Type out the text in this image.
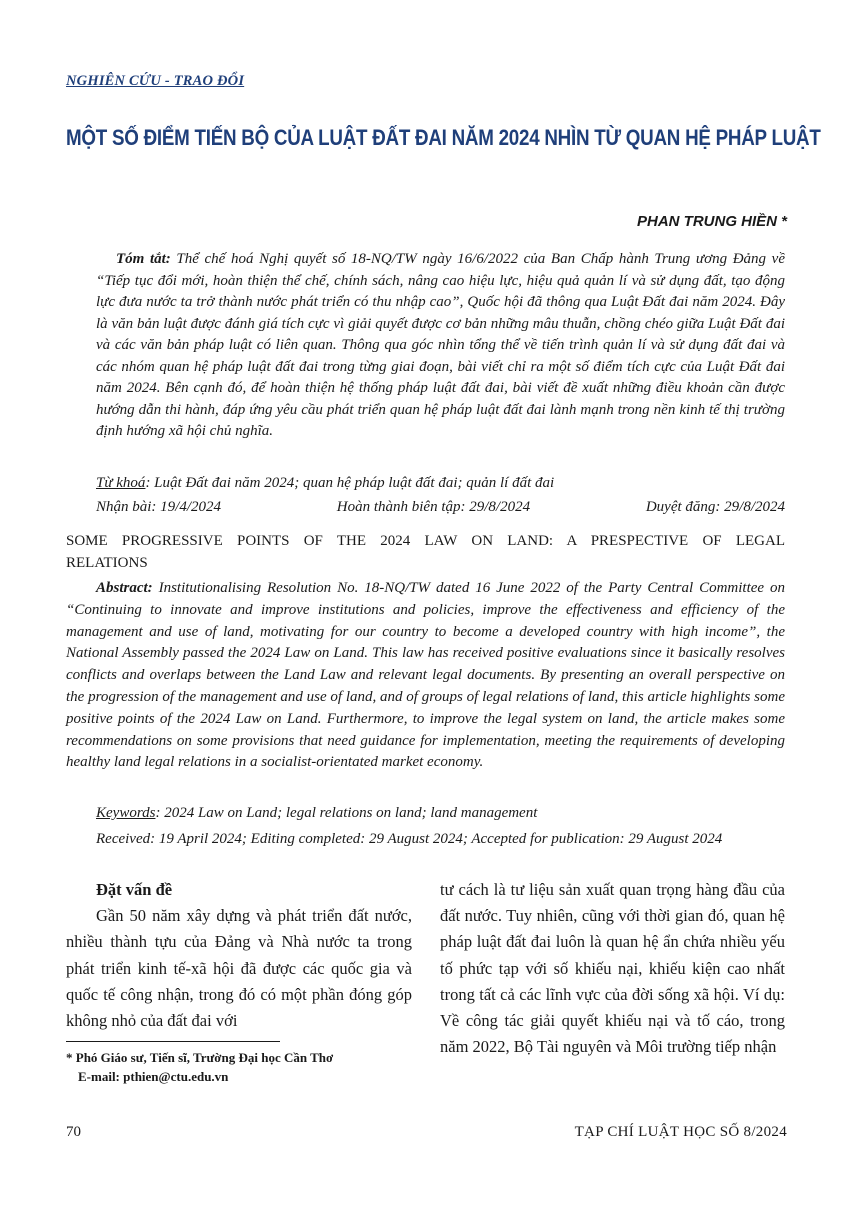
NGHIÊN CỨU - TRAO ĐỔI
MỘT SỐ ĐIỂM TIẾN BỘ CỦA LUẬT ĐẤT ĐAI NĂM 2024 NHÌN TỪ QUAN HỆ PHÁP LUẬT
PHAN TRUNG HIỀN *

Tóm tắt: Thể chế hoá Nghị quyết số 18-NQ/TW ngày 16/6/2022 của Ban Chấp hành Trung ương Đảng về “Tiếp tục đổi mới, hoàn thiện thể chế, chính sách, nâng cao hiệu lực, hiệu quả quản lí và sử dụng đất, tạo động lực đưa nước ta trở thành nước phát triển có thu nhập cao”, Quốc hội đã thông qua Luật Đất đai năm 2024. Đây là văn bản luật được đánh giá tích cực vì giải quyết được cơ bản những mâu thuẫn, chồng chéo giữa Luật Đất đai và các văn bản pháp luật có liên quan. Thông qua góc nhìn tổng thể về tiến trình quản lí và sử dụng đất đai và các nhóm quan hệ pháp luật đất đai trong từng giai đoạn, bài viết chỉ ra một số điểm tích cực của Luật Đất đai năm 2024. Bên cạnh đó, để hoàn thiện hệ thống pháp luật đất đai, bài viết đề xuất những điều khoản cần được hướng dẫn thi hành, đáp ứng yêu cầu phát triển quan hệ pháp luật đất đai lành mạnh trong nền kinh tế thị trường định hướng xã hội chủ nghĩa.

Từ khoá: Luật Đất đai năm 2024; quan hệ pháp luật đất đai; quản lí đất đai
Nhận bài: 19/4/2024	Hoàn thành biên tập: 29/8/2024	Duyệt đăng: 29/8/2024

SOME PROGRESSIVE POINTS OF THE 2024 LAW ON LAND: A PRESPECTIVE OF LEGAL RELATIONS

Abstract: Institutionalising Resolution No. 18-NQ/TW dated 16 June 2022 of the Party Central Committee on “Continuing to innovate and improve institutions and policies, improve the effectiveness and efficiency of the management and use of land, motivating for our country to become a developed country with high income”, the National Assembly passed the 2024 Law on Land. This law has received positive evaluations since it basically resolves conflicts and overlaps between the Land Law and relevant legal documents. By presenting an overall perspective on the progression of the management and use of land, and of groups of legal relations of land, this article highlights some positive points of the 2024 Law on Land. Furthermore, to improve the legal system on land, the article makes some recommendations on some provisions that need guidance for implementation, meeting the requirements of developing healthy land legal relations in a socialist-orientated market economy.

Keywords: 2024 Law on Land; legal relations on land; land management
Received: 19 April 2024; Editing completed: 29 August 2024; Accepted for publication: 29 August 2024

Đặt vấn đề

Gần 50 năm xây dựng và phát triển đất nước, nhiều thành tựu của Đảng và Nhà nước ta trong phát triển kinh tế-xã hội đã được các quốc gia và quốc tế công nhận, trong đó có một phần đóng góp không nhỏ của đất đai với

tư cách là tư liệu sản xuất quan trọng hàng đầu của đất nước. Tuy nhiên, cũng với thời gian đó, quan hệ pháp luật đất đai luôn là quan hệ ẩn chứa nhiều yếu tố phức tạp với số khiếu nại, khiếu kiện cao nhất trong tất cả các lĩnh vực của đời sống xã hội. Ví dụ: Về công tác giải quyết khiếu nại và tố cáo, trong năm 2022, Bộ Tài nguyên và Môi trường tiếp nhận

* Phó Giáo sư, Tiến sĩ, Trường Đại học Cần Thơ
E-mail: pthien@ctu.edu.vn
70	TẠP CHÍ LUẬT HỌC SỐ 8/2024
